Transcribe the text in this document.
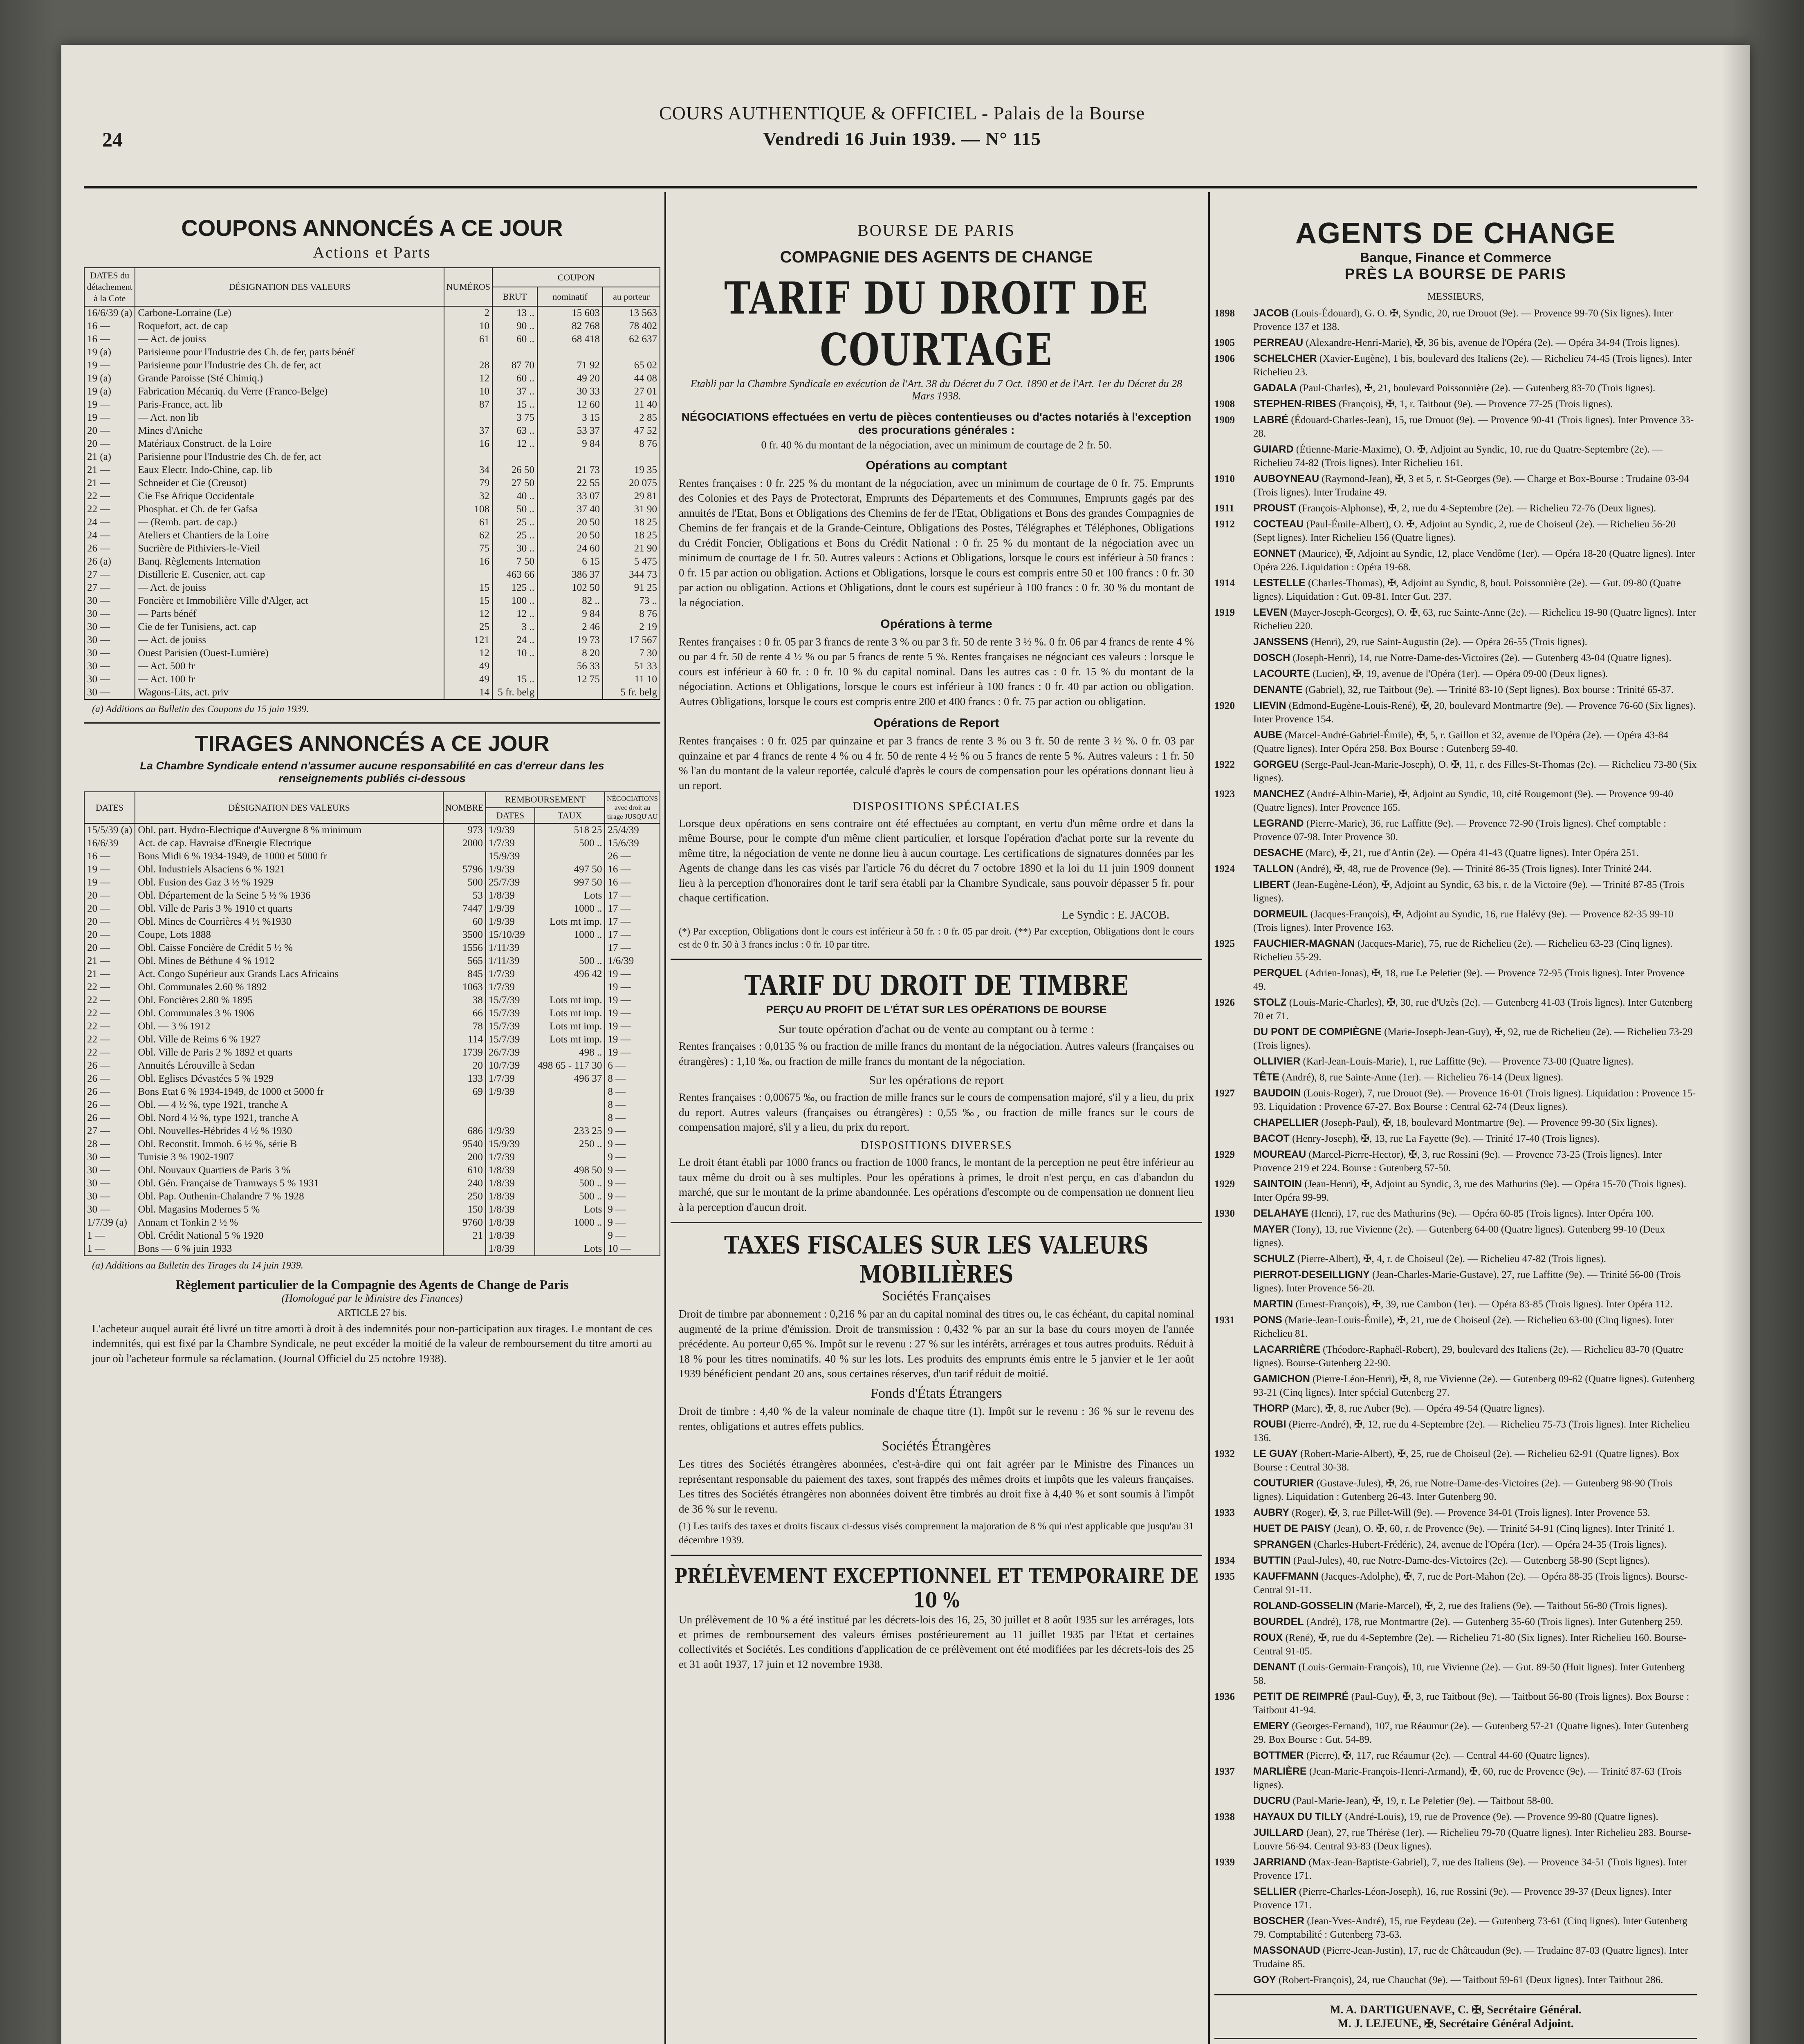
24
COURS AUTHENTIQUE & OFFICIEL - Palais de la Bourse
Vendredi 16 Juin 1939. — N° 115
COUPONS ANNONCÉS A CE JOUR
Actions et Parts
DATES du détachement à la Cote	DÉSIGNATION DES VALEURS	NUMÉROS	COUPON		
			BRUT	nominatif	au porteur
16/6/39 (a)	Carbone-Lorraine (Le)	2	13 ..	15 603	13 563
16 —	Roquefort, act. de cap	10	90 ..	82 768	78 402
16 —	— Act. de jouiss	61	60 ..	68 418	62 637
19 (a)	Parisienne pour l'Industrie des Ch. de fer, parts bénéf				
19 —	Parisienne pour l'Industrie des Ch. de fer, act	28	87 70	71 92	65 02
19 (a)	Grande Paroisse (Sté Chimiq.)	12	60 ..	49 20	44 08
19 (a)	Fabrication Mécaniq. du Verre (Franco-Belge)	10	37 ..	30 33	27 01
19 —	Paris-France, act. lib	87	15 ..	12 60	11 40
19 —	— Act. non lib		3 75	3 15	2 85
20 —	Mines d'Aniche	37	63 ..	53 37	47 52
20 —	Matériaux Construct. de la Loire	16	12 ..	9 84	8 76
21 (a)	Parisienne pour l'Industrie des Ch. de fer, act				
21 —	Eaux Electr. Indo-Chine, cap. lib	34	26 50	21 73	19 35
21 —	Schneider et Cie (Creusot)	79	27 50	22 55	20 075
22 —	Cie Fse Afrique Occidentale	32	40 ..	33 07	29 81
22 —	Phosphat. et Ch. de fer Gafsa	108	50 ..	37 40	31 90
24 —	— (Remb. part. de cap.)	61	25 ..	20 50	18 25
24 —	Ateliers et Chantiers de la Loire	62	25 ..	20 50	18 25
26 —	Sucrière de Pithiviers-le-Vieil	75	30 ..	24 60	21 90
26 (a)	Banq. Règlements Internation	16	7 50	6 15	5 475
27 —	Distillerie E. Cusenier, act. cap		463 66	386 37	344 73
27 —	— Act. de jouiss	15	125 ..	102 50	91 25
30 —	Foncière et Immobilière Ville d'Alger, act	15	100 ..	82 ..	73 ..
30 —	— Parts bénéf	12	12 ..	9 84	8 76
30 —	Cie de fer Tunisiens, act. cap	25	3 ..	2 46	2 19
30 —	— Act. de jouiss	121	24 ..	19 73	17 567
30 —	Ouest Parisien (Ouest-Lumière)	12	10 ..	8 20	7 30
30 —	— Act. 500 fr	49		56 33	51 33
30 —	— Act. 100 fr	49	15 ..	12 75	11 10
30 —	Wagons-Lits, act. priv	14	5 fr. belg		5 fr. belg
(a) Additions au Bulletin des Coupons du 15 juin 1939.
TIRAGES ANNONCÉS A CE JOUR
La Chambre Syndicale entend n'assumer aucune responsabilité en cas d'erreur dans les renseignements publiés ci-dessous
DATES	DÉSIGNATION DES VALEURS	NOMBRE	REMBOURSEMENT		NÉGOCIATIONS avec droit au tirage JUSQU'AU
			DATES	TAUX	
15/5/39 (a)	Obl. part. Hydro-Electrique d'Auvergne 8 % minimum	973	1/9/39	518 25	25/4/39
16/6/39	Act. de cap. Havraise d'Energie Electrique	2000	1/7/39	500 ..	15/6/39
16 —	Bons Midi 6 % 1934-1949, de 1000 et 5000 fr		15/9/39		26 —
19 —	Obl. Industriels Alsaciens 6 % 1921	5796	1/9/39	497 50	16 —
19 —	Obl. Fusion des Gaz 3 ½ % 1929	500	25/7/39	997 50	16 —
20 —	Obl. Département de la Seine 5 ½ % 1936	53	1/8/39	Lots	17 —
20 —	Obl. Ville de Paris 3 % 1910 et quarts	7447	1/9/39	1000 ..	17 —
20 —	Obl. Mines de Courrières 4 ½ %1930	60	1/9/39	Lots mt imp.	17 —
20 —	Coupe, Lots 1888	3500	15/10/39	1000 ..	17 —
20 —	Obl. Caisse Foncière de Crédit 5 ½ %	1556	1/11/39		17 —
21 —	Obl. Mines de Béthune 4 % 1912	565	1/11/39	500 ..	1/6/39
21 —	Act. Congo Supérieur aux Grands Lacs Africains	845	1/7/39	496 42	19 —
22 —	Obl. Communales 2.60 % 1892	1063	1/7/39		19 —
22 —	Obl. Foncières 2.80 % 1895	38	15/7/39	Lots mt imp.	19 —
22 —	Obl. Communales 3 % 1906	66	15/7/39	Lots mt imp.	19 —
22 —	Obl. — 3 % 1912	78	15/7/39	Lots mt imp.	19 —
22 —	Obl. Ville de Reims 6 % 1927	114	15/7/39	Lots mt imp.	19 —
22 —	Obl. Ville de Paris 2 % 1892 et quarts	1739	26/7/39	498 ..	19 —
26 —	Annuités Lérouville à Sedan	20	10/7/39	498 65 - 117 30	6 —
26 —	Obl. Eglises Dévastées 5 % 1929	133	1/7/39	496 37	8 —
26 —	Bons Etat 6 % 1934-1949, de 1000 et 5000 fr	69	1/9/39		8 —
26 —	Obl. — 4 ½ %, type 1921, tranche A				8 —
26 —	Obl. Nord 4 ½ %, type 1921, tranche A				8 —
27 —	Obl. Nouvelles-Hébrides 4 ½ % 1930	686	1/9/39	233 25	9 —
28 —	Obl. Reconstit. Immob. 6 ½ %, série B	9540	15/9/39	250 ..	9 —
30 —	Tunisie 3 % 1902-1907	200	1/7/39		9 —
30 —	Obl. Nouvaux Quartiers de Paris 3 %	610	1/8/39	498 50	9 —
30 —	Obl. Gén. Française de Tramways 5 % 1931	240	1/8/39	500 ..	9 —
30 —	Obl. Pap. Outhenin-Chalandre 7 % 1928	250	1/8/39	500 ..	9 —
30 —	Obl. Magasins Modernes 5 %	150	1/8/39	Lots	9 —
1/7/39 (a)	Annam et Tonkin 2 ½ %	9760	1/8/39	1000 ..	9 —
1 —	Obl. Crédit National 5 % 1920	21	1/8/39		9 —
1 —	Bons — 6 % juin 1933		1/8/39	Lots	10 —
(a) Additions au Bulletin des Tirages du 14 juin 1939.
Règlement particulier de la Compagnie des Agents de Change de Paris
(Homologué par le Ministre des Finances)
ARTICLE 27 bis.
L'acheteur auquel aurait été livré un titre amorti à droit à des indemnités pour non-participation aux tirages. Le montant de ces indemnités, qui est fixé par la Chambre Syndicale, ne peut excéder la moitié de la valeur de remboursement du titre amorti au jour où l'acheteur formule sa réclamation. (Journal Officiel du 25 octobre 1938).
BOURSE DE PARIS
COMPAGNIE DES AGENTS DE CHANGE
TARIF DU DROIT DE COURTAGE
Etabli par la Chambre Syndicale en exécution de l'Art. 38 du Décret du 7 Oct. 1890 et de l'Art. 1er du Décret du 28 Mars 1938.
NÉGOCIATIONS effectuées en vertu de pièces contentieuses ou d'actes notariés à l'exception des procurations générales :
0 fr. 40 % du montant de la négociation, avec un minimum de courtage de 2 fr. 50.
Opérations au comptant
Rentes françaises : 0 fr. 225 % du montant de la négociation, avec un minimum de courtage de 0 fr. 75. Emprunts des Colonies et des Pays de Protectorat, Emprunts des Départements et des Communes, Emprunts gagés par des annuités de l'Etat, Bons et Obligations des Chemins de fer de l'Etat, Obligations et Bons des grandes Compagnies de Chemins de fer français et de la Grande-Ceinture, Obligations des Postes, Télégraphes et Téléphones, Obligations du Crédit Foncier, Obligations et Bons du Crédit National : 0 fr. 25 % du montant de la négociation avec un minimum de courtage de 1 fr. 50. Autres valeurs : Actions et Obligations, lorsque le cours est inférieur à 50 francs : 0 fr. 15 par action ou obligation. Actions et Obligations, lorsque le cours est compris entre 50 et 100 francs : 0 fr. 30 par action ou obligation. Actions et Obligations, dont le cours est supérieur à 100 francs : 0 fr. 30 % du montant de la négociation.
Opérations à terme
Rentes françaises : 0 fr. 05 par 3 francs de rente 3 % ou par 3 fr. 50 de rente 3 ½ %. 0 fr. 06 par 4 francs de rente 4 % ou par 4 fr. 50 de rente 4 ½ % ou par 5 francs de rente 5 %. Rentes françaises ne négociant ces valeurs : lorsque le cours est inférieur à 60 fr. : 0 fr. 10 % du capital nominal. Dans les autres cas : 0 fr. 15 % du montant de la négociation. Actions et Obligations, lorsque le cours est inférieur à 100 francs : 0 fr. 40 par action ou obligation. Autres Obligations, lorsque le cours est compris entre 200 et 400 francs : 0 fr. 75 par action ou obligation.
Opérations de Report
Rentes françaises : 0 fr. 025 par quinzaine et par 3 francs de rente 3 % ou 3 fr. 50 de rente 3 ½ %. 0 fr. 03 par quinzaine et par 4 francs de rente 4 % ou 4 fr. 50 de rente 4 ½ % ou 5 francs de rente 5 %. Autres valeurs : 1 fr. 50 % l'an du montant de la valeur reportée, calculé d'après le cours de compensation pour les opérations donnant lieu à un report.
DISPOSITIONS SPÉCIALES
Lorsque deux opérations en sens contraire ont été effectuées au comptant, en vertu d'un même ordre et dans la même Bourse, pour le compte d'un même client particulier, et lorsque l'opération d'achat porte sur la revente du même titre, la négociation de vente ne donne lieu à aucun courtage. Les certifications de signatures données par les Agents de change dans les cas visés par l'article 76 du décret du 7 octobre 1890 et la loi du 11 juin 1909 donnent lieu à la perception d'honoraires dont le tarif sera établi par la Chambre Syndicale, sans pouvoir dépasser 5 fr. pour chaque certification.
Le Syndic : E. JACOB.
(*) Par exception, Obligations dont le cours est inférieur à 50 fr. : 0 fr. 05 par droit. (**) Par exception, Obligations dont le cours est de 0 fr. 50 à 3 francs inclus : 0 fr. 10 par titre.
TARIF DU DROIT DE TIMBRE
PERÇU AU PROFIT DE L'ÉTAT SUR LES OPÉRATIONS DE BOURSE
Sur toute opération d'achat ou de vente au comptant ou à terme :
Rentes françaises : 0,0135 % ou fraction de mille francs du montant de la négociation. Autres valeurs (françaises ou étrangères) : 1,10 ‰, ou fraction de mille francs du montant de la négociation.
Sur les opérations de report
Rentes françaises : 0,00675 ‰, ou fraction de mille francs sur le cours de compensation majoré, s'il y a lieu, du prix du report. Autres valeurs (françaises ou étrangères) : 0,55 ‰, ou fraction de mille francs sur le cours de compensation majoré, s'il y a lieu, du prix du report.
DISPOSITIONS DIVERSES
Le droit étant établi par 1000 francs ou fraction de 1000 francs, le montant de la perception ne peut être inférieur au taux même du droit ou à ses multiples. Pour les opérations à primes, le droit n'est perçu, en cas d'abandon du marché, que sur le montant de la prime abandonnée. Les opérations d'escompte ou de compensation ne donnent lieu à la perception d'aucun droit.
TAXES FISCALES SUR LES VALEURS MOBILIÈRES
Sociétés Françaises
Droit de timbre par abonnement : 0,216 % par an du capital nominal des titres ou, le cas échéant, du capital nominal augmenté de la prime d'émission. Droit de transmission : 0,432 % par an sur la base du cours moyen de l'année précédente. Au porteur 0,65 %. Impôt sur le revenu : 27 % sur les intérêts, arrérages et tous autres produits. Réduit à 18 % pour les titres nominatifs. 40 % sur les lots. Les produits des emprunts émis entre le 5 janvier et le 1er août 1939 bénéficient pendant 20 ans, sous certaines réserves, d'un tarif réduit de moitié.
Fonds d'États Étrangers
Droit de timbre : 4,40 % de la valeur nominale de chaque titre (1). Impôt sur le revenu : 36 % sur le revenu des rentes, obligations et autres effets publics.
Sociétés Étrangères
Les titres des Sociétés étrangères abonnées, c'est-à-dire qui ont fait agréer par le Ministre des Finances un représentant responsable du paiement des taxes, sont frappés des mêmes droits et impôts que les valeurs françaises. Les titres des Sociétés étrangères non abonnées doivent être timbrés au droit fixe à 4,40 % et sont soumis à l'impôt de 36 % sur le revenu.
(1) Les tarifs des taxes et droits fiscaux ci-dessus visés comprennent la majoration de 8 % qui n'est applicable que jusqu'au 31 décembre 1939.
PRÉLÈVEMENT EXCEPTIONNEL ET TEMPORAIRE DE 10 %
Un prélèvement de 10 % a été institué par les décrets-lois des 16, 25, 30 juillet et 8 août 1935 sur les arrérages, lots et primes de remboursement des valeurs émises postérieurement au 11 juillet 1935 par l'Etat et certaines collectivités et Sociétés. Les conditions d'application de ce prélèvement ont été modifiées par les décrets-lois des 25 et 31 août 1937, 17 juin et 12 novembre 1938.
AGENTS DE CHANGE
Banque, Finance et Commerce
PRÈS LA BOURSE DE PARIS
MESSIEURS,
1898 JACOB (Louis-Édouard), G. O. ✠, Syndic, 20, rue Drouot (9e). — Provence 99-70 (Six lignes). Inter Provence 137 et 138.
1905 PERREAU (Alexandre-Henri-Marie), ✠, 36 bis, avenue de l'Opéra (2e). — Opéra 34-94 (Trois lignes).
1906 SCHELCHER (Xavier-Eugène), 1 bis, boulevard des Italiens (2e). — Richelieu 74-45 (Trois lignes). Inter Richelieu 23.
GADALA (Paul-Charles), ✠, 21, boulevard Poissonnière (2e). — Gutenberg 83-70 (Trois lignes).
1908 STEPHEN-RIBES (François), ✠, 1, r. Taitbout (9e). — Provence 77-25 (Trois lignes).
1909 LABRÉ (Édouard-Charles-Jean), 15, rue Drouot (9e). — Provence 90-41 (Trois lignes). Inter Provence 33-28.
GUIARD (Étienne-Marie-Maxime), O. ✠, Adjoint au Syndic, 10, rue du Quatre-Septembre (2e). — Richelieu 74-82 (Trois lignes). Inter Richelieu 161.
1910 AUBOYNEAU (Raymond-Jean), ✠, 3 et 5, r. St-Georges (9e). — Charge et Box-Bourse : Trudaine 03-94 (Trois lignes). Inter Trudaine 49.
1911 PROUST (François-Alphonse), ✠, 2, rue du 4-Septembre (2e). — Richelieu 72-76 (Deux lignes).
1912 COCTEAU (Paul-Émile-Albert), O. ✠, Adjoint au Syndic, 2, rue de Choiseul (2e). — Richelieu 56-20 (Sept lignes). Inter Richelieu 156 (Quatre lignes).
EONNET (Maurice), ✠, Adjoint au Syndic, 12, place Vendôme (1er). — Opéra 18-20 (Quatre lignes). Inter Opéra 226. Liquidation : Opéra 19-68.
1914 LESTELLE (Charles-Thomas), ✠, Adjoint au Syndic, 8, boul. Poissonnière (2e). — Gut. 09-80 (Quatre lignes). Liquidation : Gut. 09-81. Inter Gut. 237.
1919 LEVEN (Mayer-Joseph-Georges), O. ✠, 63, rue Sainte-Anne (2e). — Richelieu 19-90 (Quatre lignes). Inter Richelieu 220.
JANSSENS (Henri), 29, rue Saint-Augustin (2e). — Opéra 26-55 (Trois lignes).
DOSCH (Joseph-Henri), 14, rue Notre-Dame-des-Victoires (2e). — Gutenberg 43-04 (Quatre lignes).
LACOURTE (Lucien), ✠, 19, avenue de l'Opéra (1er). — Opéra 09-00 (Deux lignes).
DENANTE (Gabriel), 32, rue Taitbout (9e). — Trinité 83-10 (Sept lignes). Box bourse : Trinité 65-37.
1920 LIEVIN (Edmond-Eugène-Louis-René), ✠, 20, boulevard Montmartre (9e). — Provence 76-60 (Six lignes). Inter Provence 154.
AUBE (Marcel-André-Gabriel-Émile), ✠, 5, r. Gaillon et 32, avenue de l'Opéra (2e). — Opéra 43-84 (Quatre lignes). Inter Opéra 258. Box Bourse : Gutenberg 59-40.
1922 GORGEU (Serge-Paul-Jean-Marie-Joseph), O. ✠, 11, r. des Filles-St-Thomas (2e). — Richelieu 73-80 (Six lignes).
1923 MANCHEZ (André-Albin-Marie), ✠, Adjoint au Syndic, 10, cité Rougemont (9e). — Provence 99-40 (Quatre lignes). Inter Provence 165.
LEGRAND (Pierre-Marie), 36, rue Laffitte (9e). — Provence 72-90 (Trois lignes). Chef comptable : Provence 07-98. Inter Provence 30.
DESACHE (Marc), ✠, 21, rue d'Antin (2e). — Opéra 41-43 (Quatre lignes). Inter Opéra 251.
1924 TALLON (André), ✠, 48, rue de Provence (9e). — Trinité 86-35 (Trois lignes). Inter Trinité 244.
LIBERT (Jean-Eugène-Léon), ✠, Adjoint au Syndic, 63 bis, r. de la Victoire (9e). — Trinité 87-85 (Trois lignes).
DORMEUIL (Jacques-François), ✠, Adjoint au Syndic, 16, rue Halévy (9e). — Provence 82-35 99-10 (Trois lignes). Inter Provence 163.
1925 FAUCHIER-MAGNAN (Jacques-Marie), 75, rue de Richelieu (2e). — Richelieu 63-23 (Cinq lignes). Richelieu 55-29.
PERQUEL (Adrien-Jonas), ✠, 18, rue Le Peletier (9e). — Provence 72-95 (Trois lignes). Inter Provence 49.
1926 STOLZ (Louis-Marie-Charles), ✠, 30, rue d'Uzès (2e). — Gutenberg 41-03 (Trois lignes). Inter Gutenberg 70 et 71.
DU PONT DE COMPIÈGNE (Marie-Joseph-Jean-Guy), ✠, 92, rue de Richelieu (2e). — Richelieu 73-29 (Trois lignes).
OLLIVIER (Karl-Jean-Louis-Marie), 1, rue Laffitte (9e). — Provence 73-00 (Quatre lignes).
TÊTE (André), 8, rue Sainte-Anne (1er). — Richelieu 76-14 (Deux lignes).
1927 BAUDOIN (Louis-Roger), 7, rue Drouot (9e). — Provence 16-01 (Trois lignes). Liquidation : Provence 15-93. Liquidation : Provence 67-27. Box Bourse : Central 62-74 (Deux lignes).
CHAPELLIER (Joseph-Paul), ✠, 18, boulevard Montmartre (9e). — Provence 99-30 (Six lignes).
BACOT (Henry-Joseph), ✠, 13, rue La Fayette (9e). — Trinité 17-40 (Trois lignes).
1929 MOUREAU (Marcel-Pierre-Hector), ✠, 3, rue Rossini (9e). — Provence 73-25 (Trois lignes). Inter Provence 219 et 224. Bourse : Gutenberg 57-50.
1929 SAINTOIN (Jean-Henri), ✠, Adjoint au Syndic, 3, rue des Mathurins (9e). — Opéra 15-70 (Trois lignes). Inter Opéra 99-99.
1930 DELAHAYE (Henri), 17, rue des Mathurins (9e). — Opéra 60-85 (Trois lignes). Inter Opéra 100.
MAYER (Tony), 13, rue Vivienne (2e). — Gutenberg 64-00 (Quatre lignes). Gutenberg 99-10 (Deux lignes).
SCHULZ (Pierre-Albert), ✠, 4, r. de Choiseul (2e). — Richelieu 47-82 (Trois lignes).
PIERROT-DESEILLIGNY (Jean-Charles-Marie-Gustave), 27, rue Laffitte (9e). — Trinité 56-00 (Trois lignes). Inter Provence 56-20.
MARTIN (Ernest-François), ✠, 39, rue Cambon (1er). — Opéra 83-85 (Trois lignes). Inter Opéra 112.
1931 PONS (Marie-Jean-Louis-Émile), ✠, 21, rue de Choiseul (2e). — Richelieu 63-00 (Cinq lignes). Inter Richelieu 81.
LACARRIÈRE (Théodore-Raphaël-Robert), 29, boulevard des Italiens (2e). — Richelieu 83-70 (Quatre lignes). Bourse-Gutenberg 22-90.
GAMICHON (Pierre-Léon-Henri), ✠, 8, rue Vivienne (2e). — Gutenberg 09-62 (Quatre lignes). Gutenberg 93-21 (Cinq lignes). Inter spécial Gutenberg 27.
THORP (Marc), ✠, 8, rue Auber (9e). — Opéra 49-54 (Quatre lignes).
ROUBI (Pierre-André), ✠, 12, rue du 4-Septembre (2e). — Richelieu 75-73 (Trois lignes). Inter Richelieu 136.
1932 LE GUAY (Robert-Marie-Albert), ✠, 25, rue de Choiseul (2e). — Richelieu 62-91 (Quatre lignes). Box Bourse : Central 30-38.
COUTURIER (Gustave-Jules), ✠, 26, rue Notre-Dame-des-Victoires (2e). — Gutenberg 98-90 (Trois lignes). Liquidation : Gutenberg 26-43. Inter Gutenberg 90.
1933 AUBRY (Roger), ✠, 3, rue Pillet-Will (9e). — Provence 34-01 (Trois lignes). Inter Provence 53.
HUET DE PAISY (Jean), O. ✠, 60, r. de Provence (9e). — Trinité 54-91 (Cinq lignes). Inter Trinité 1.
SPRANGEN (Charles-Hubert-Frédéric), 24, avenue de l'Opéra (1er). — Opéra 24-35 (Trois lignes).
1934 BUTTIN (Paul-Jules), 40, rue Notre-Dame-des-Victoires (2e). — Gutenberg 58-90 (Sept lignes).
1935 KAUFFMANN (Jacques-Adolphe), ✠, 7, rue de Port-Mahon (2e). — Opéra 88-35 (Trois lignes). Bourse-Central 91-11.
ROLAND-GOSSELIN (Marie-Marcel), ✠, 2, rue des Italiens (9e). — Taitbout 56-80 (Trois lignes).
BOURDEL (André), 178, rue Montmartre (2e). — Gutenberg 35-60 (Trois lignes). Inter Gutenberg 259.
ROUX (René), ✠, rue du 4-Septembre (2e). — Richelieu 71-80 (Six lignes). Inter Richelieu 160. Bourse-Central 91-05.
DENANT (Louis-Germain-François), 10, rue Vivienne (2e). — Gut. 89-50 (Huit lignes). Inter Gutenberg 58.
1936 PETIT DE REIMPRÉ (Paul-Guy), ✠, 3, rue Taitbout (9e). — Taitbout 56-80 (Trois lignes). Box Bourse : Taitbout 41-94.
EMERY (Georges-Fernand), 107, rue Réaumur (2e). — Gutenberg 57-21 (Quatre lignes). Inter Gutenberg 29. Box Bourse : Gut. 54-89.
BOTTMER (Pierre), ✠, 117, rue Réaumur (2e). — Central 44-60 (Quatre lignes).
1937 MARLIÈRE (Jean-Marie-François-Henri-Armand), ✠, 60, rue de Provence (9e). — Trinité 87-63 (Trois lignes).
DUCRU (Paul-Marie-Jean), ✠, 19, r. Le Peletier (9e). — Taitbout 58-00.
1938 HAYAUX DU TILLY (André-Louis), 19, rue de Provence (9e). — Provence 99-80 (Quatre lignes).
JUILLARD (Jean), 27, rue Thérèse (1er). — Richelieu 79-70 (Quatre lignes). Inter Richelieu 283. Bourse-Louvre 56-94. Central 93-83 (Deux lignes).
1939 JARRIAND (Max-Jean-Baptiste-Gabriel), 7, rue des Italiens (9e). — Provence 34-51 (Trois lignes). Inter Provence 171.
SELLIER (Pierre-Charles-Léon-Joseph), 16, rue Rossini (9e). — Provence 39-37 (Deux lignes). Inter Provence 171.
BOSCHER (Jean-Yves-André), 15, rue Feydeau (2e). — Gutenberg 73-61 (Cinq lignes). Inter Gutenberg 79. Comptabilité : Gutenberg 73-63.
MASSONAUD (Pierre-Jean-Justin), 17, rue de Châteaudun (9e). — Trudaine 87-03 (Quatre lignes). Inter Trudaine 85.
GOY (Robert-François), 24, rue Chauchat (9e). — Taitbout 59-61 (Deux lignes). Inter Taitbout 286.
M. A. DARTIGUENAVE, C. ✠, Secrétaire Général.
M. J. LEJEUNE, ✠, Secrétaire Général Adjoint.
